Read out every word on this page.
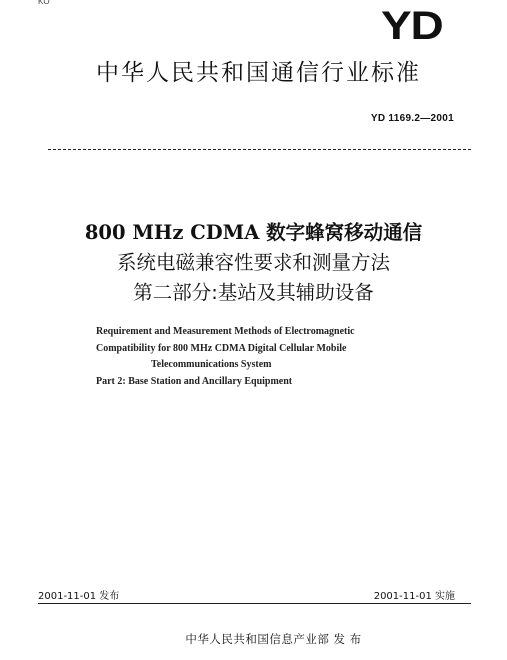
KO
YD
中华人民共和国通信行业标准
YD 1169.2—2001
800 MHz CDMA 数字蜂窝移动通信
系统电磁兼容性要求和测量方法
第二部分:基站及其辅助设备
Requirement and Measurement Methods of Electromagnetic
Compatibility for 800 MHz CDMA Digital Cellular Mobile
Telecommunications System
Part 2: Base Station and Ancillary Equipment
2001-11-01 发布	2001-11-01 实施
中华人民共和国信息产业部 发 布
